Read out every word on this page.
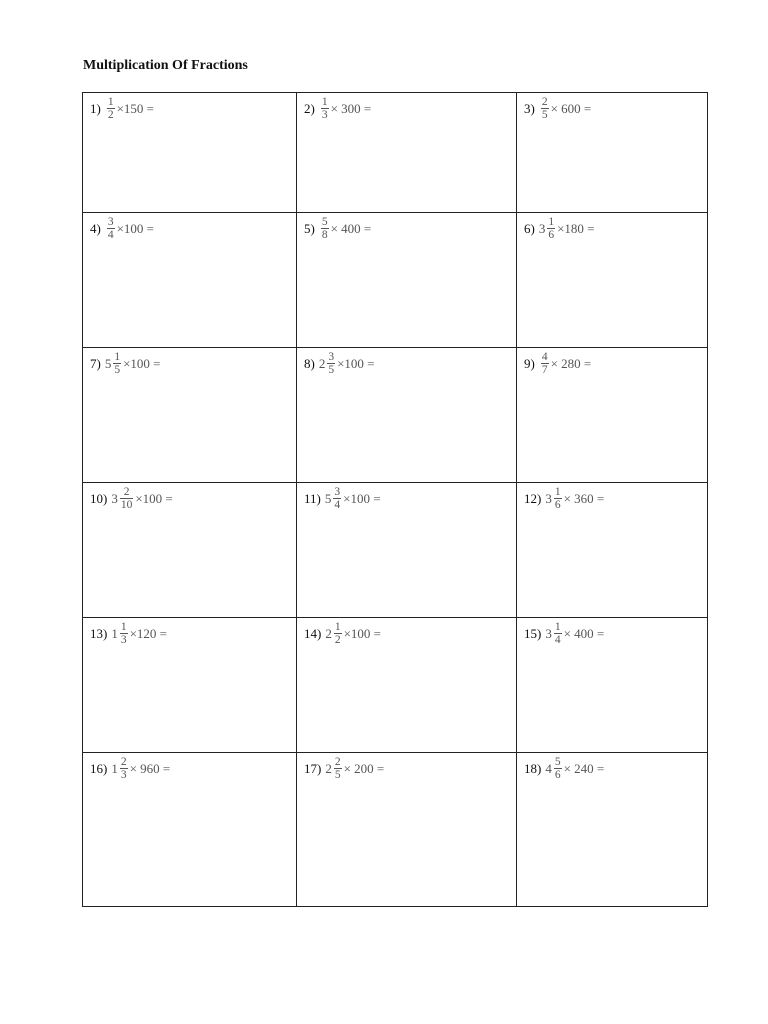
Multiplication Of Fractions
$1) \frac{1}{2} \times 150$ =	$2) \frac{1}{3} \times 300$ =	$3) \frac{2}{5} \times 600$ =

$4) \frac{3}{4} \times 100$ =	$5) \frac{5}{8} \times 400$ =	6) $3 \frac{1}{6} \times 180$ =

7) $5 \frac{1}{5} \times 100$ =	8) $2 \frac{3}{5} \times 100$ =	$9) \frac{4}{7} \times 280$ =

10) $3 \frac{2}{10} \times 100$ =	11) $5 \frac{3}{4} \times 100$ =	12) $3 \frac{1}{6} \times 360$ =

13) $1 \frac{1}{3} \times 120$ =	14) $2 \frac{1}{2} \times 100$ =	15) $3 \frac{1}{4} \times 400$ =

16) $1 \frac{2}{3} \times 960$ =	17) $2 \frac{2}{5} \times 200$ =	18) $4 \frac{5}{6} \times 240$ =
